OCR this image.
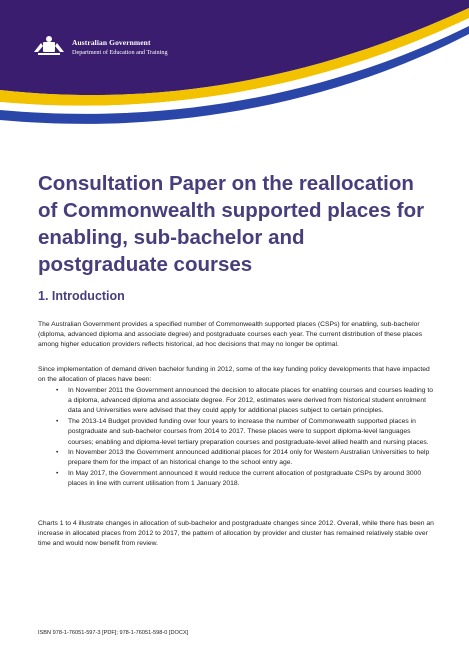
Australian Government
Department of Education and Training
Consultation Paper on the reallocation of Commonwealth supported places for enabling, sub-bachelor and postgraduate courses
1. Introduction

The Australian Government provides a specified number of Commonwealth supported places (CSPs) for enabling, sub-bachelor (diploma, advanced diploma and associate degree) and postgraduate courses each year. The current distribution of these places among higher education providers reflects historical, ad hoc decisions that may no longer be optimal.

Since implementation of demand driven bachelor funding in 2012, some of the key funding policy developments that have impacted on the allocation of places have been:

• In November 2011 the Government announced the decision to allocate places for enabling courses and courses leading to a diploma, advanced diploma and associate degree. For 2012, estimates were derived from historical student enrolment data and Universities were advised that they could apply for additional places subject to certain principles.
• The 2013-14 Budget provided funding over four years to increase the number of Commonwealth supported places in postgraduate and sub-bachelor courses from 2014 to 2017. These places were to support diploma-level languages courses; enabling and diploma-level tertiary preparation courses and postgraduate-level allied health and nursing places.
• In November 2013 the Government announced additional places for 2014 only for Western Australian Universities to help prepare them for the impact of an historical change to the school entry age.
• In May 2017, the Government announced it would reduce the current allocation of postgraduate CSPs by around 3000 places in line with current utilisation from 1 January 2018.

Charts 1 to 4 illustrate changes in allocation of sub-bachelor and postgraduate changes since 2012. Overall, while there has been an increase in allocated places from 2012 to 2017, the pattern of allocation by provider and cluster has remained relatively stable over time and would now benefit from review.

ISBN 978-1-76051-597-3 [PDF]; 978-1-76051-598-0 [DOCX]
